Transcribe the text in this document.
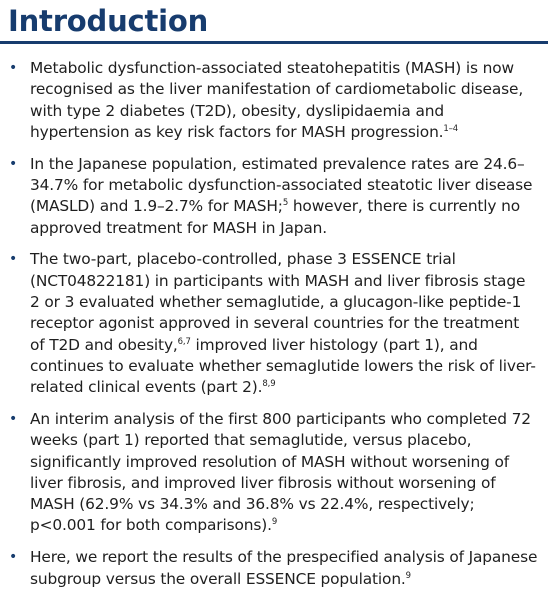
Introduction
• Metabolic dysfunction-associated steatohepatitis (MASH) is now recognised as the liver manifestation of cardiometabolic disease, with type 2 diabetes (T2D), obesity, dyslipidaemia and hypertension as key risk factors for MASH progression.$^{1-4}$
• In the Japanese population, estimated prevalence rates are 24.6–34.7% for metabolic dysfunction-associated steatotic liver disease (MASLD) and 1.9–2.7% for MASH;$^5$ however, there is currently no approved treatment for MASH in Japan.
• The two-part, placebo-controlled, phase 3 ESSENCE trial (NCT04822181) in participants with MASH and liver fibrosis stage 2 or 3 evaluated whether semaglutide, a glucagon-like peptide-1 receptor agonist approved in several countries for the treatment of T2D and obesity,$^{6,7}$ improved liver histology (part 1), and continues to evaluate whether semaglutide lowers the risk of liver-related clinical events (part 2).$^{8,9}$
• An interim analysis of the first 800 participants who completed 72 weeks (part 1) reported that semaglutide, versus placebo, significantly improved resolution of MASH without worsening of liver fibrosis, and improved liver fibrosis without worsening of MASH (62.9% vs 34.3% and 36.8% vs 22.4%, respectively; p<0.001 for both comparisons).$^9$
• Here, we report the results of the prespecified analysis of Japanese subgroup versus the overall ESSENCE population.$^9$
